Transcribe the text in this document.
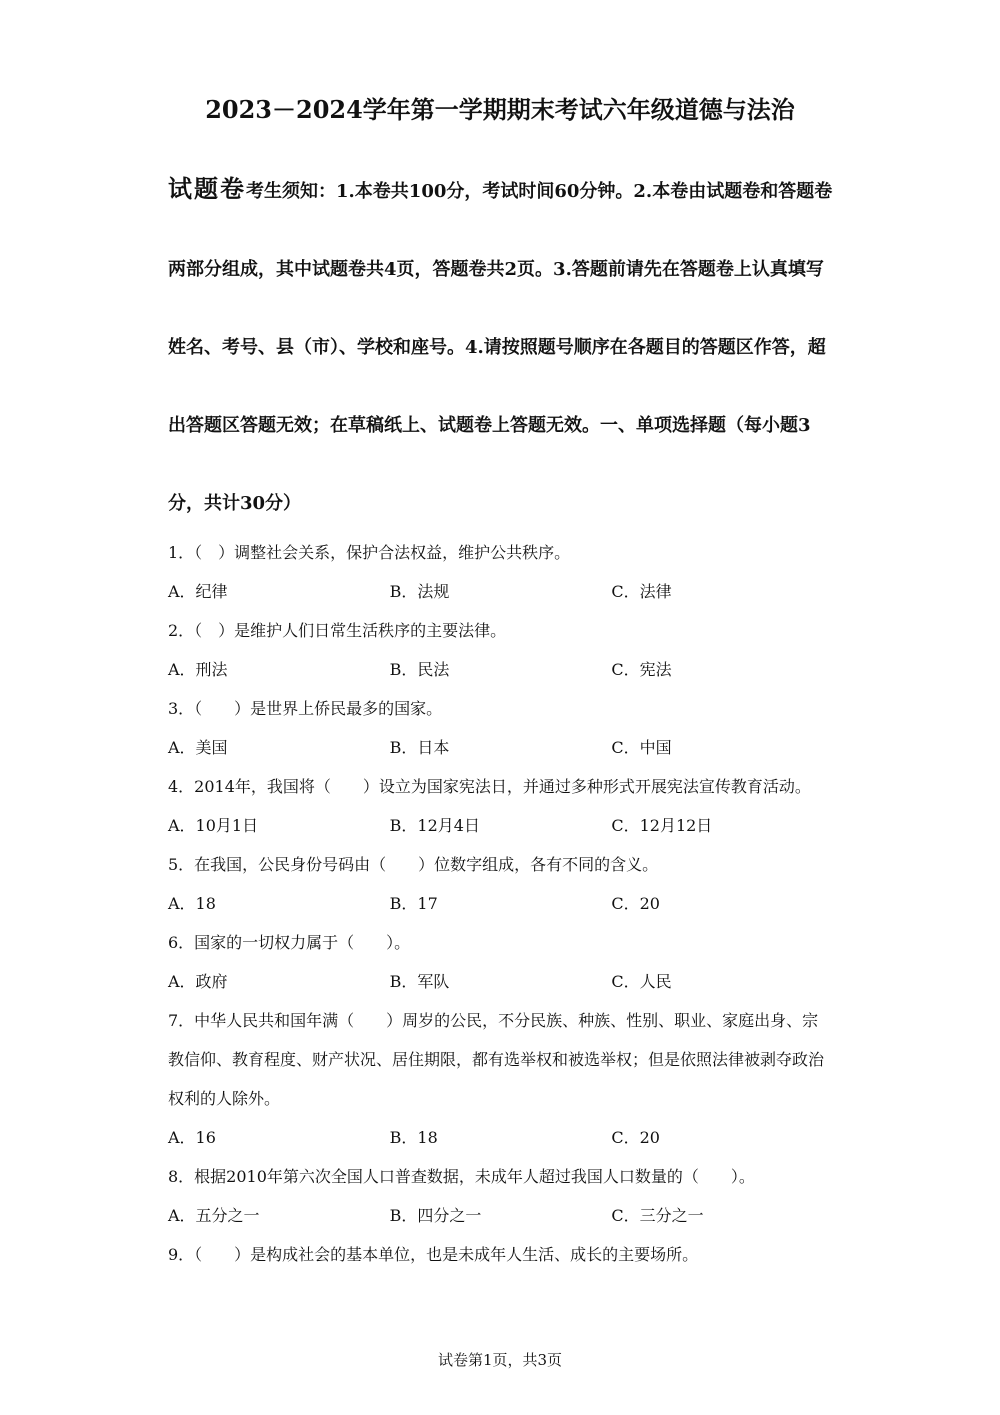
2023－2024学年第一学期期末考试六年级道德与法治

试题卷考生须知：1.本卷共100分，考试时间60分钟。2.本卷由试题卷和答题卷两部分组成，其中试题卷共4页，答题卷共2页。3.答题前请先在答题卷上认真填写姓名、考号、县（市）、学校和座号。4.请按照题号顺序在各题目的答题区作答，超出答题区答题无效；在草稿纸上、试题卷上答题无效。一、单项选择题（每小题3分，共计30分）

1．（　）调整社会关系，保护合法权益，维护公共秩序。

A．纪律	B．法规	C．法律

2．（　）是维护人们日常生活秩序的主要法律。

A．刑法	B．民法	C．宪法

3．（　　）是世界上侨民最多的国家。

A．美国	B．日本	C．中国

4．2014年，我国将（　　）设立为国家宪法日，并通过多种形式开展宪法宣传教育活动。

A．10月1日	B．12月4日	C．12月12日

5．在我国，公民身份号码由（　　）位数字组成，各有不同的含义。

A．18	B．17	C．20

6．国家的一切权力属于（　　）。

A．政府	B．军队	C．人民

7．中华人民共和国年满（　　）周岁的公民，不分民族、种族、性别、职业、家庭出身、宗教信仰、教育程度、财产状况、居住期限，都有选举权和被选举权；但是依照法律被剥夺政治权利的人除外。

A．16	B．18	C．20

8．根据2010年第六次全国人口普查数据，未成年人超过我国人口数量的（　　）。

A．五分之一	B．四分之一	C．三分之一

9．（　　）是构成社会的基本单位，也是未成年人生活、成长的主要场所。

试卷第1页，共3页
